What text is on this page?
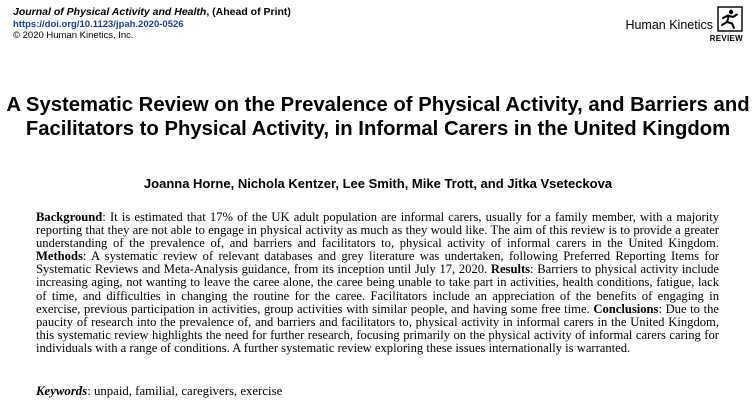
Journal of Physical Activity and Health, (Ahead of Print)
https://doi.org/10.1123/jpah.2020-0526
© 2020 Human Kinetics, Inc.
Human Kinetics
REVIEW
A Systematic Review on the Prevalence of Physical Activity, and Barriers and Facilitators to Physical Activity, in Informal Carers in the United Kingdom
Joanna Horne, Nichola Kentzer, Lee Smith, Mike Trott, and Jitka Vseteckova

Background: It is estimated that 17% of the UK adult population are informal carers, usually for a family member, with a majority reporting that they are not able to engage in physical activity as much as they would like. The aim of this review is to provide a greater understanding of the prevalence of, and barriers and facilitators to, physical activity of informal carers in the United Kingdom. Methods: A systematic review of relevant databases and grey literature was undertaken, following Preferred Reporting Items for Systematic Reviews and Meta-Analysis guidance, from its inception until July 17, 2020. Results: Barriers to physical activity include increasing aging, not wanting to leave the caree alone, the caree being unable to take part in activities, health conditions, fatigue, lack of time, and difficulties in changing the routine for the caree. Facilitators include an appreciation of the benefits of engaging in exercise, previous participation in activities, group activities with similar people, and having some free time. Conclusions: Due to the paucity of research into the prevalence of, and barriers and facilitators to, physical activity in informal carers in the United Kingdom, this systematic review highlights the need for further research, focusing primarily on the physical activity of informal carers caring for individuals with a range of conditions. A further systematic review exploring these issues internationally is warranted.

Keywords: unpaid, familial, caregivers, exercise
